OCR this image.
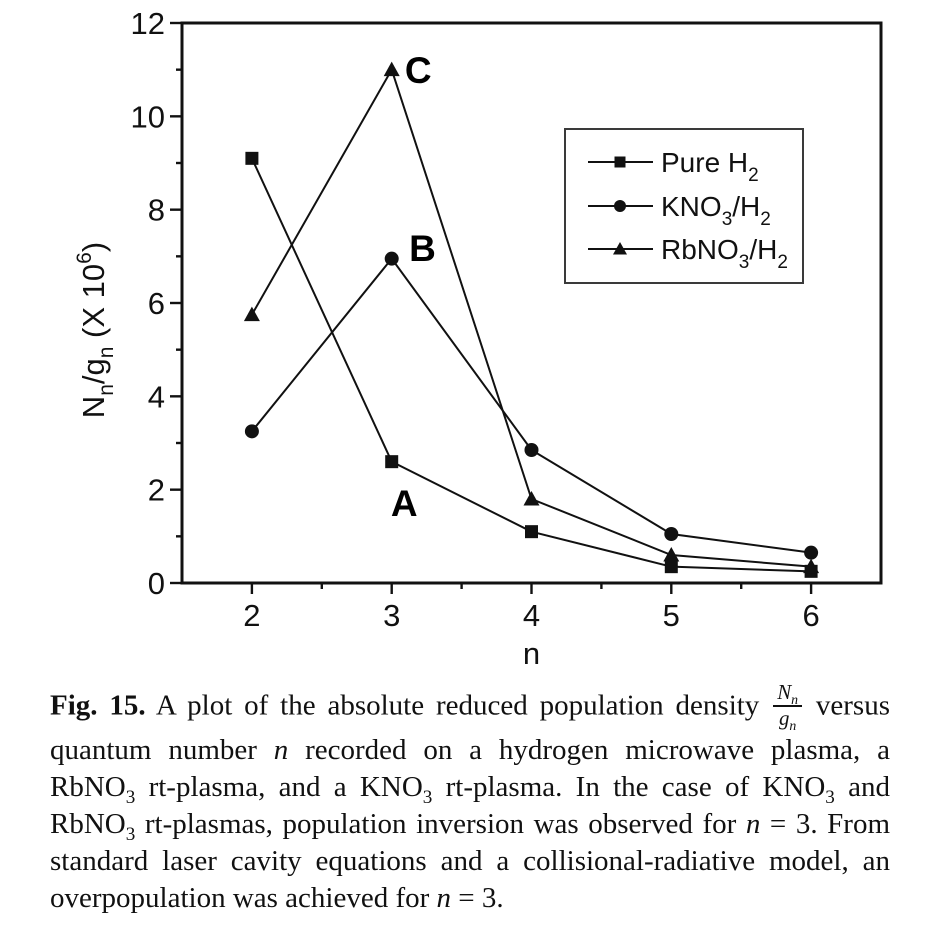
2	3	4	5	6
0
2
4
6
8
10
12
n
$N_n/g_n$ (X $10^6$)
A
B
C
Pure $H_2$
$KNO_3/H_2$
$RbNO_3/H_2$

Fig. 15. A plot of the absolute reduced population density $\frac{N_n}{g_n}$ versus quantum number n recorded on a hydrogen microwave plasma, a RbNO$_3$ rt-plasma, and a $KNO_3$ rt-plasma. In the case of $KNO_3$ and RbNO$_3$ rt-plasmas, population inversion was observed for n = 3. From standard laser cavity equations and a collisional-radiative model, an overpopulation was achieved for n = 3.
